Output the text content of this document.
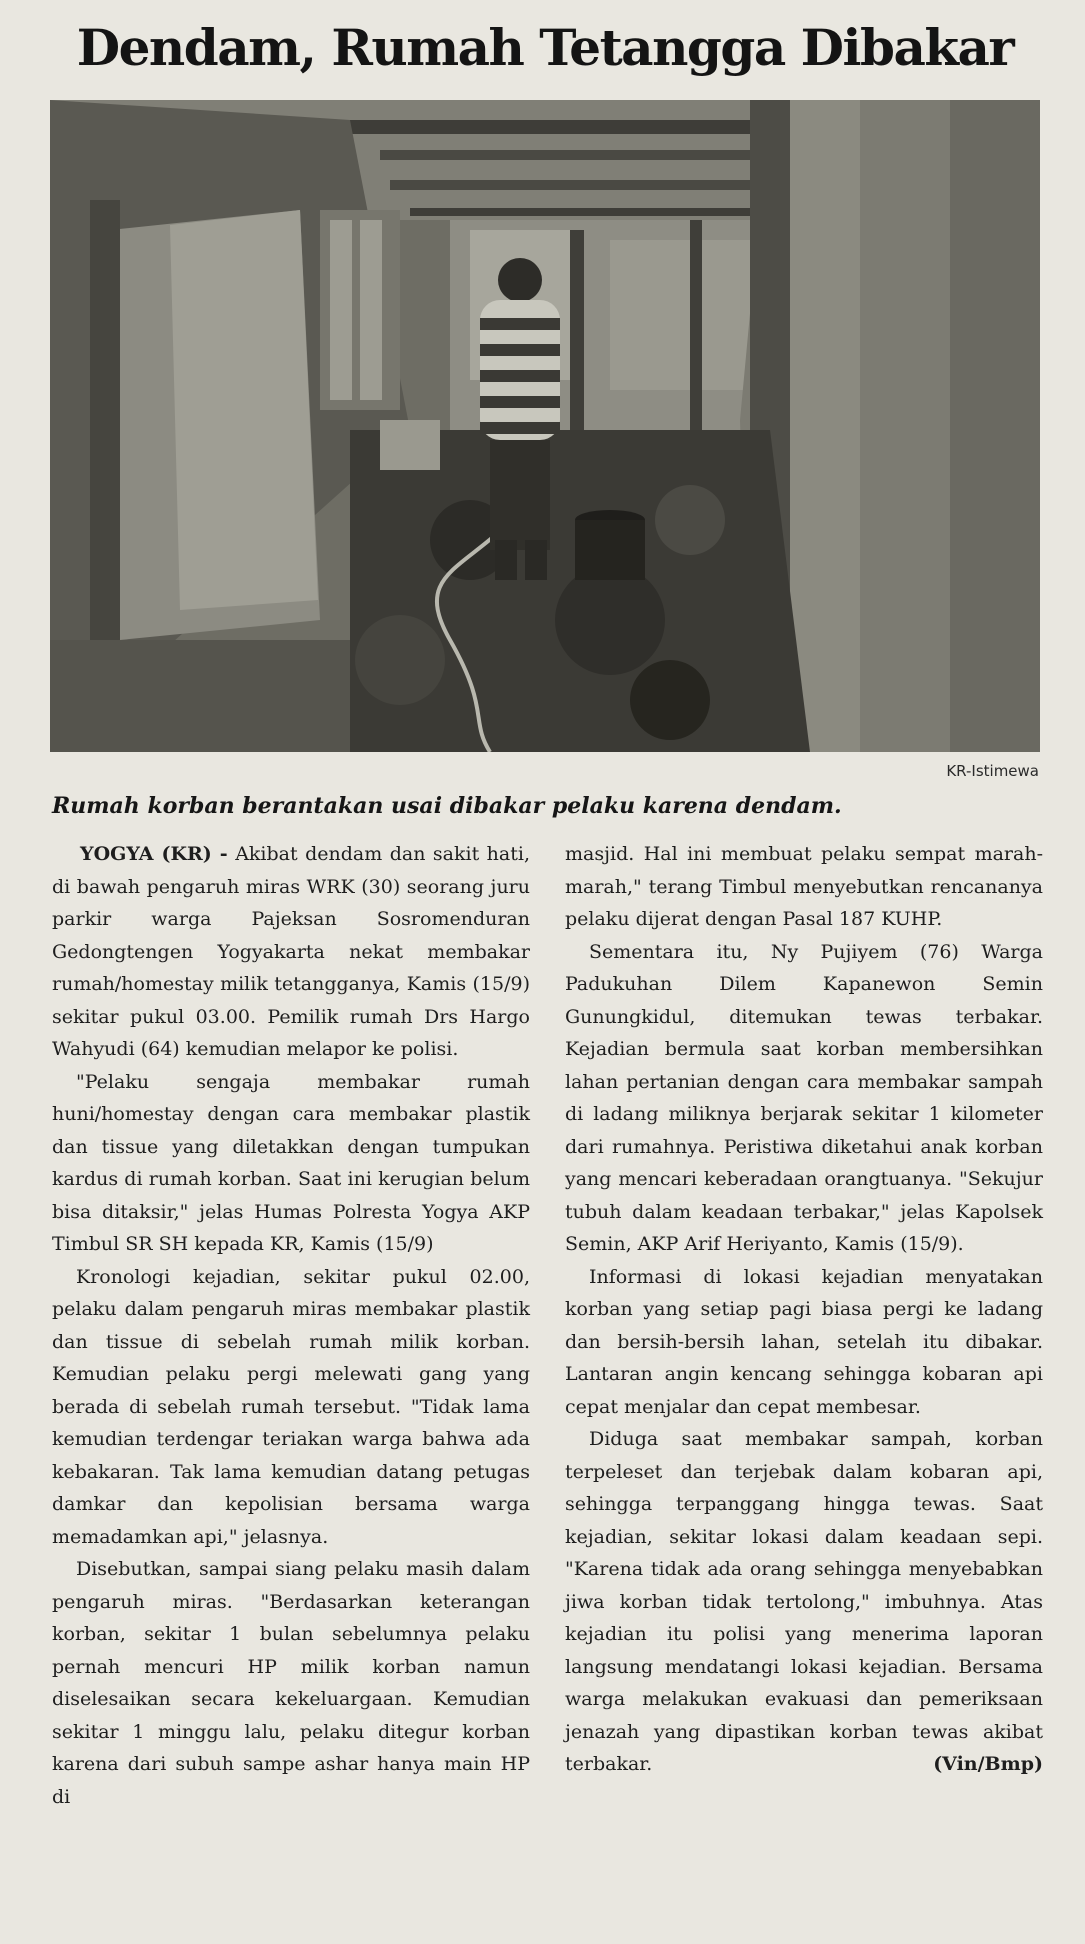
Dendam, Rumah Tetangga Dibakar
KR-Istimewa
Rumah korban berantakan usai dibakar pelaku karena dendam.

YOGYA (KR) - Akibat dendam dan sakit hati, di bawah pengaruh miras WRK (30) seorang juru parkir warga Pajeksan Sosromenduran Gedongtengen Yogyakarta nekat membakar rumah/homestay milik tetangganya, Kamis (15/9) sekitar pukul 03.00. Pemilik rumah Drs Hargo Wahyudi (64) kemudian melapor ke polisi.

"Pelaku sengaja membakar rumah huni/homestay dengan cara membakar plastik dan tissue yang diletakkan dengan tumpukan kardus di rumah korban. Saat ini kerugian belum bisa ditaksir," jelas Humas Polresta Yogya AKP Timbul SR SH kepada KR, Kamis (15/9)

Kronologi kejadian, sekitar pukul 02.00, pelaku dalam pengaruh miras membakar plastik dan tissue di sebelah rumah milik korban. Kemudian pelaku pergi melewati gang yang berada di sebelah rumah tersebut. "Tidak lama kemudian terdengar teriakan warga bahwa ada kebakaran. Tak lama kemudian datang petugas damkar dan kepolisian bersama warga memadamkan api," jelasnya.

Disebutkan, sampai siang pelaku masih dalam pengaruh miras. "Berdasarkan keterangan korban, sekitar 1 bulan sebelumnya pelaku pernah mencuri HP milik korban namun diselesaikan secara kekeluargaan. Kemudian sekitar 1 minggu lalu, pelaku ditegur korban karena dari subuh sampe ashar hanya main HP di

masjid. Hal ini membuat pelaku sempat marah-marah," terang Timbul menyebutkan rencananya pelaku dijerat dengan Pasal 187 KUHP.

Sementara itu, Ny Pujiyem (76) Warga Padukuhan Dilem Kapanewon Semin Gunungkidul, ditemukan tewas terbakar. Kejadian bermula saat korban membersihkan lahan pertanian dengan cara membakar sampah di ladang miliknya berjarak sekitar 1 kilometer dari rumahnya. Peristiwa diketahui anak korban yang mencari keberadaan orangtuanya. "Sekujur tubuh dalam keadaan terbakar," jelas Kapolsek Semin, AKP Arif Heriyanto, Kamis (15/9).

Informasi di lokasi kejadian menyatakan korban yang setiap pagi biasa pergi ke ladang dan bersih-bersih lahan, setelah itu dibakar. Lantaran angin kencang sehingga kobaran api cepat menjalar dan cepat membesar.

Diduga saat membakar sampah, korban terpeleset dan terjebak dalam kobaran api, sehingga terpanggang hingga tewas. Saat kejadian, sekitar lokasi dalam keadaan sepi. "Karena tidak ada orang sehingga menyebabkan jiwa korban tidak tertolong," imbuhnya. Atas kejadian itu polisi yang menerima laporan langsung mendatangi lokasi kejadian. Bersama warga melakukan evakuasi dan pemeriksaan jenazah yang dipastikan korban tewas akibat terbakar.	(Vin/Bmp)
